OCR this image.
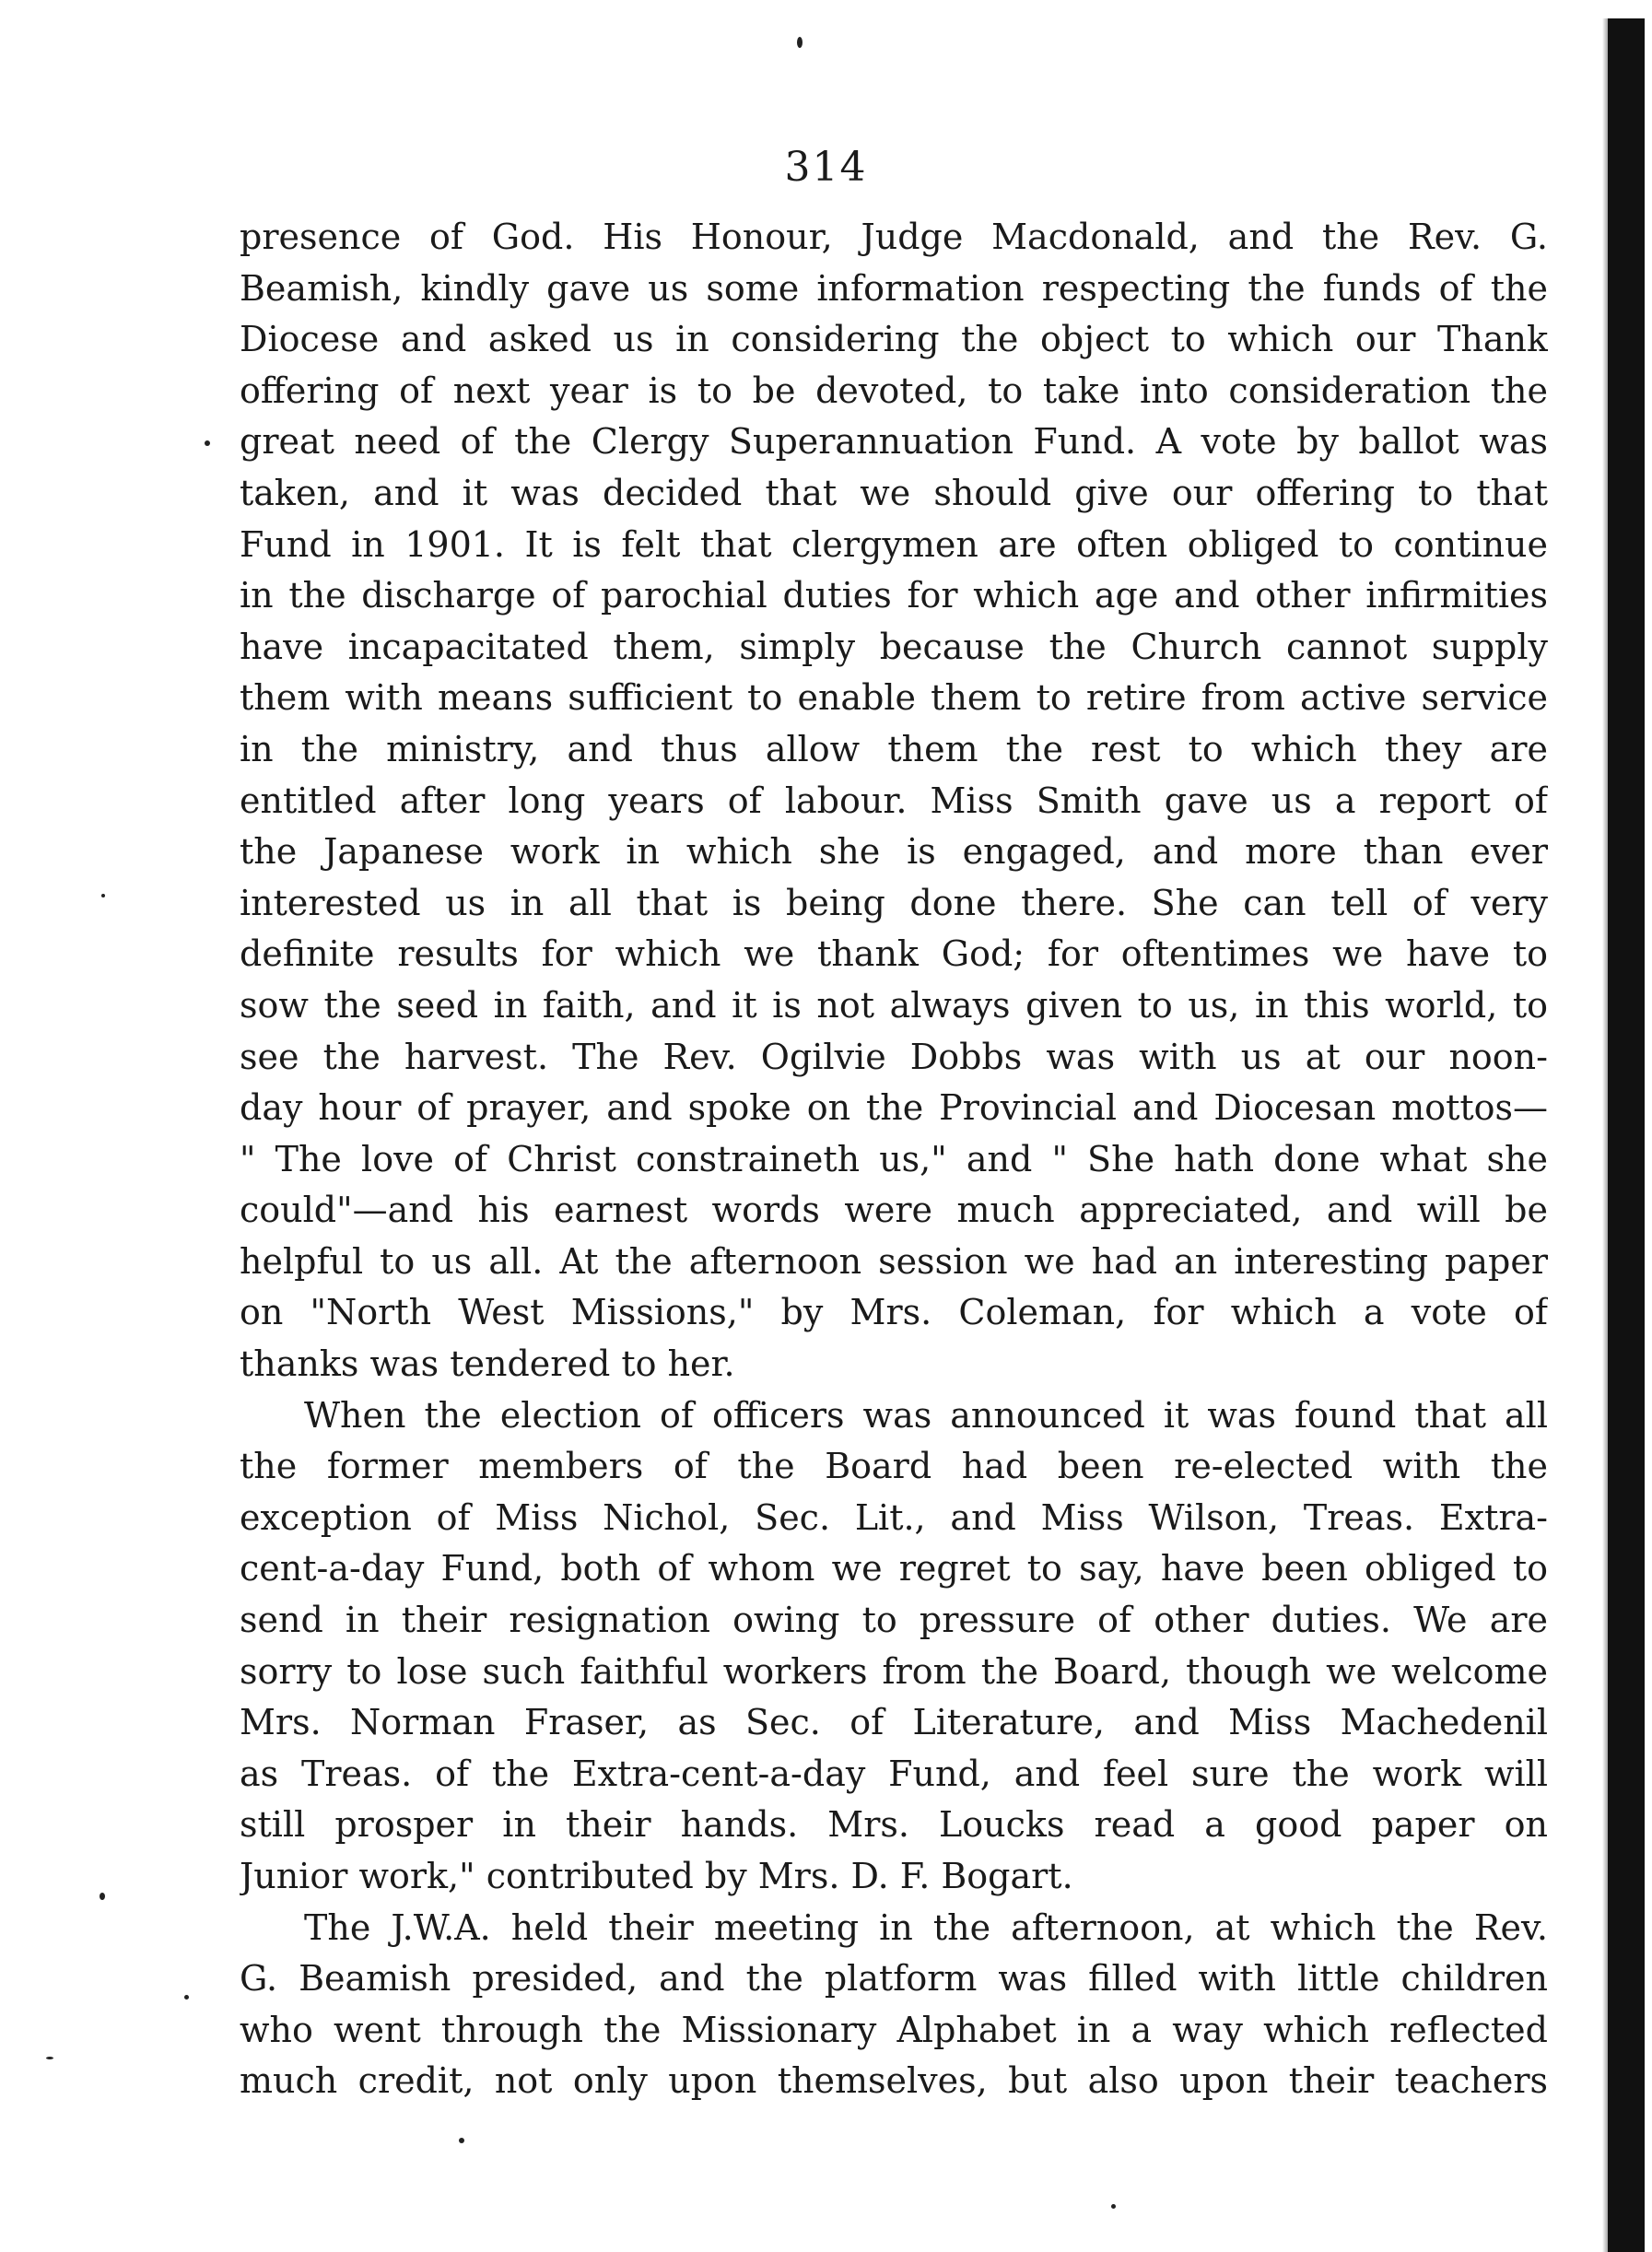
314
presence of God. His Honour, Judge Macdonald, and the Rev. G.
Beamish, kindly gave us some information respecting the funds of the
Diocese and asked us in considering the object to which our Thank
offering of next year is to be devoted, to take into consideration the
great need of the Clergy Superannuation Fund. A vote by ballot was
taken, and it was decided that we should give our offering to that
Fund in 1901. It is felt that clergymen are often obliged to continue
in the discharge of parochial duties for which age and other infirmities
have incapacitated them, simply because the Church cannot supply
them with means sufficient to enable them to retire from active service
in the ministry, and thus allow them the rest to which they are
entitled after long years of labour. Miss Smith gave us a report of
the Japanese work in which she is engaged, and more than ever
interested us in all that is being done there. She can tell of very
definite results for which we thank God; for oftentimes we have to
sow the seed in faith, and it is not always given to us, in this world, to
see the harvest. The Rev. Ogilvie Dobbs was with us at our noon-
day hour of prayer, and spoke on the Provincial and Diocesan mottos—
" The love of Christ constraineth us," and " She hath done what she
could"—and his earnest words were much appreciated, and will be
helpful to us all. At the afternoon session we had an interesting paper
on "North West Missions," by Mrs. Coleman, for which a vote of
thanks was tendered to her.
When the election of officers was announced it was found that all
the former members of the Board had been re-elected with the
exception of Miss Nichol, Sec. Lit., and Miss Wilson, Treas. Extra-
cent-a-day Fund, both of whom we regret to say, have been obliged to
send in their resignation owing to pressure of other duties. We are
sorry to lose such faithful workers from the Board, though we welcome
Mrs. Norman Fraser, as Sec. of Literature, and Miss Machedenil
as Treas. of the Extra-cent-a-day Fund, and feel sure the work will
still prosper in their hands. Mrs. Loucks read a good paper on
Junior work," contributed by Mrs. D. F. Bogart.
The J.W.A. held their meeting in the afternoon, at which the Rev.
G. Beamish presided, and the platform was filled with little children
who went through the Missionary Alphabet in a way which reflected
much credit, not only upon themselves, but also upon their teachers
